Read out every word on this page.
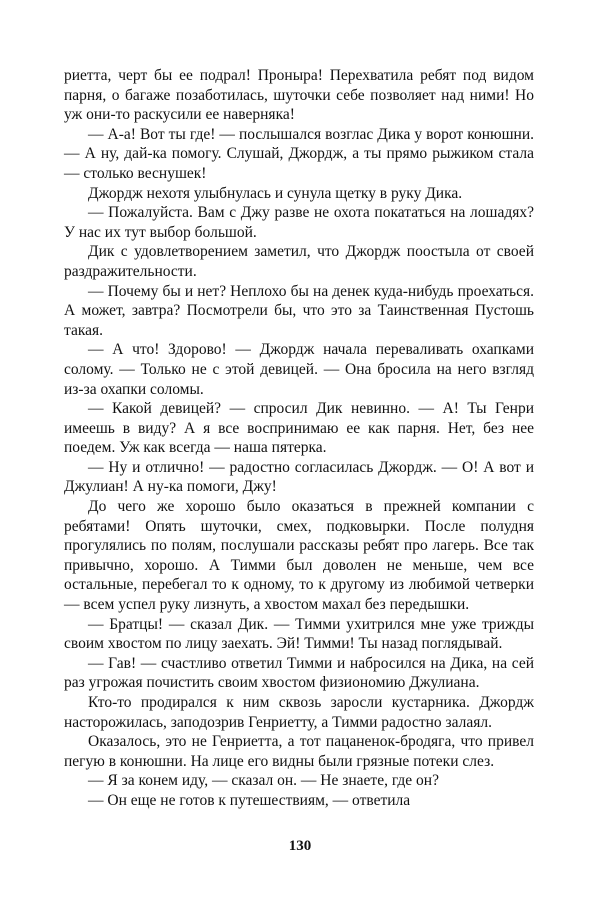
риетта, черт бы ее подрал! Проныра! Перехватила ребят под видом парня, о багаже позаботилась, шуточки себе позволяет над ними! Но уж они-то раскусили ее наверняка!

— А-а! Вот ты где! — послышался возглас Дика у ворот конюшни. — А ну, дай-ка помогу. Слушай, Джордж, а ты прямо рыжиком стала — столько веснушек!

Джордж нехотя улыбнулась и сунула щетку в руку Дика.

— Пожалуйста. Вам с Джу разве не охота покататься на лошадях? У нас их тут выбор большой.

Дик с удовлетворением заметил, что Джордж поостыла от своей раздражительности.

— Почему бы и нет? Неплохо бы на денек куда-нибудь проехаться. А может, завтра? Посмотрели бы, что это за Таинственная Пустошь такая.

— А что! Здорово! — Джордж начала переваливать охапками солому. — Только не с этой девицей. — Она бросила на него взгляд из-за охапки соломы.

— Какой девицей? — спросил Дик невинно. — А! Ты Генри имеешь в виду? А я все воспринимаю ее как парня. Нет, без нее поедем. Уж как всегда — наша пятерка.

— Ну и отлично! — радостно согласилась Джордж. — О! А вот и Джулиан! А ну-ка помоги, Джу!

До чего же хорошо было оказаться в прежней компании с ребятами! Опять шуточки, смех, подковырки. После полудня прогулялись по полям, послушали рассказы ребят про лагерь. Все так привычно, хорошо. А Тимми был доволен не меньше, чем все остальные, перебегал то к одному, то к другому из любимой четверки — всем успел руку лизнуть, а хвостом махал без передышки.

— Братцы! — сказал Дик. — Тимми ухитрился мне уже трижды своим хвостом по лицу заехать. Эй! Тимми! Ты назад поглядывай.

— Гав! — счастливо ответил Тимми и набросился на Дика, на сей раз угрожая почистить своим хвостом физиономию Джулиана.

Кто-то продирался к ним сквозь заросли кустарника. Джордж насторожилась, заподозрив Генриетту, а Тимми радостно залаял.

Оказалось, это не Генриетта, а тот пацаненок-бродяга, что привел пегую в конюшни. На лице его видны были грязные потеки слез.

— Я за конем иду, — сказал он. — Не знаете, где он?

— Он еще не готов к путешествиям, — ответила

130
